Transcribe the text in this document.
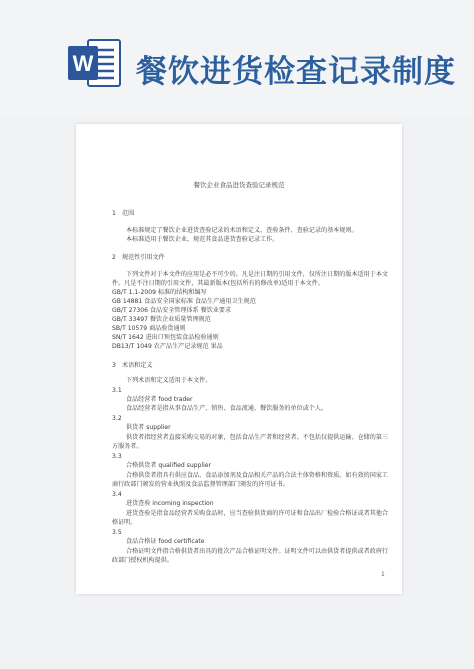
W 餐饮进货检查记录制度
餐饮企业食品进货查验记录规范
1　范围
本标准规定了餐饮企业进货查验记录的术语和定义、查验条件、查验记录的基本规则。
本标准适用于餐饮企业、规范其食品进货查验记录工作。
2　规范性引用文件
下列文件对于本文件的应用是必不可少的。凡是注日期的引用文件，仅所注日期的版本适用于本文
件。凡是不注日期的引用文件，其最新版本(包括所有的修改单)适用于本文件。
GB/T 1.1-2009 标准的结构和编写
GB 14881 食品安全国家标准 食品生产通用卫生规范
GB/T 27306 食品安全管理体系 餐饮业要求
GB/T 33497 餐饮企业质量管理规范
SB/T 10579 商品验货通则
SN/T 1642 进出口预包装食品检验通则
DB13/T 1049 农产品生产记录规范 果品
3　术语和定义
下列术语和定义适用于本文件。
3.1
食品经营者 food trader
食品经营者是指从事食品生产、销售、食品流通、餐饮服务的单位或个人。
3.2
供货者 supplier
供货者指经营者直接采购交易的对象，包括食品生产者和经营者。不包括仅提供运输、仓储的第三
方服务者。
3.3
合格供货者 qualified supplier
合格供货者指具有供应食品、食品添加剂及食品相关产品的合法主体资格和资质。如有效的国家工
商行政部门颁发的营业执照及食品监督管理部门颁发的许可证书。
3.4
进货查验 incoming inspection
进货查验是指食品经营者采购食品时，应当查验供货商的许可证和食品出厂检验合格证或者其他合
格证明。
3.5
食品合格证 food certificate
合格证明文件指合格供货者出具的批次产品合格证明文件。证明文件可以由供货者提供或者政府行
政部门授权机构提供。
1
